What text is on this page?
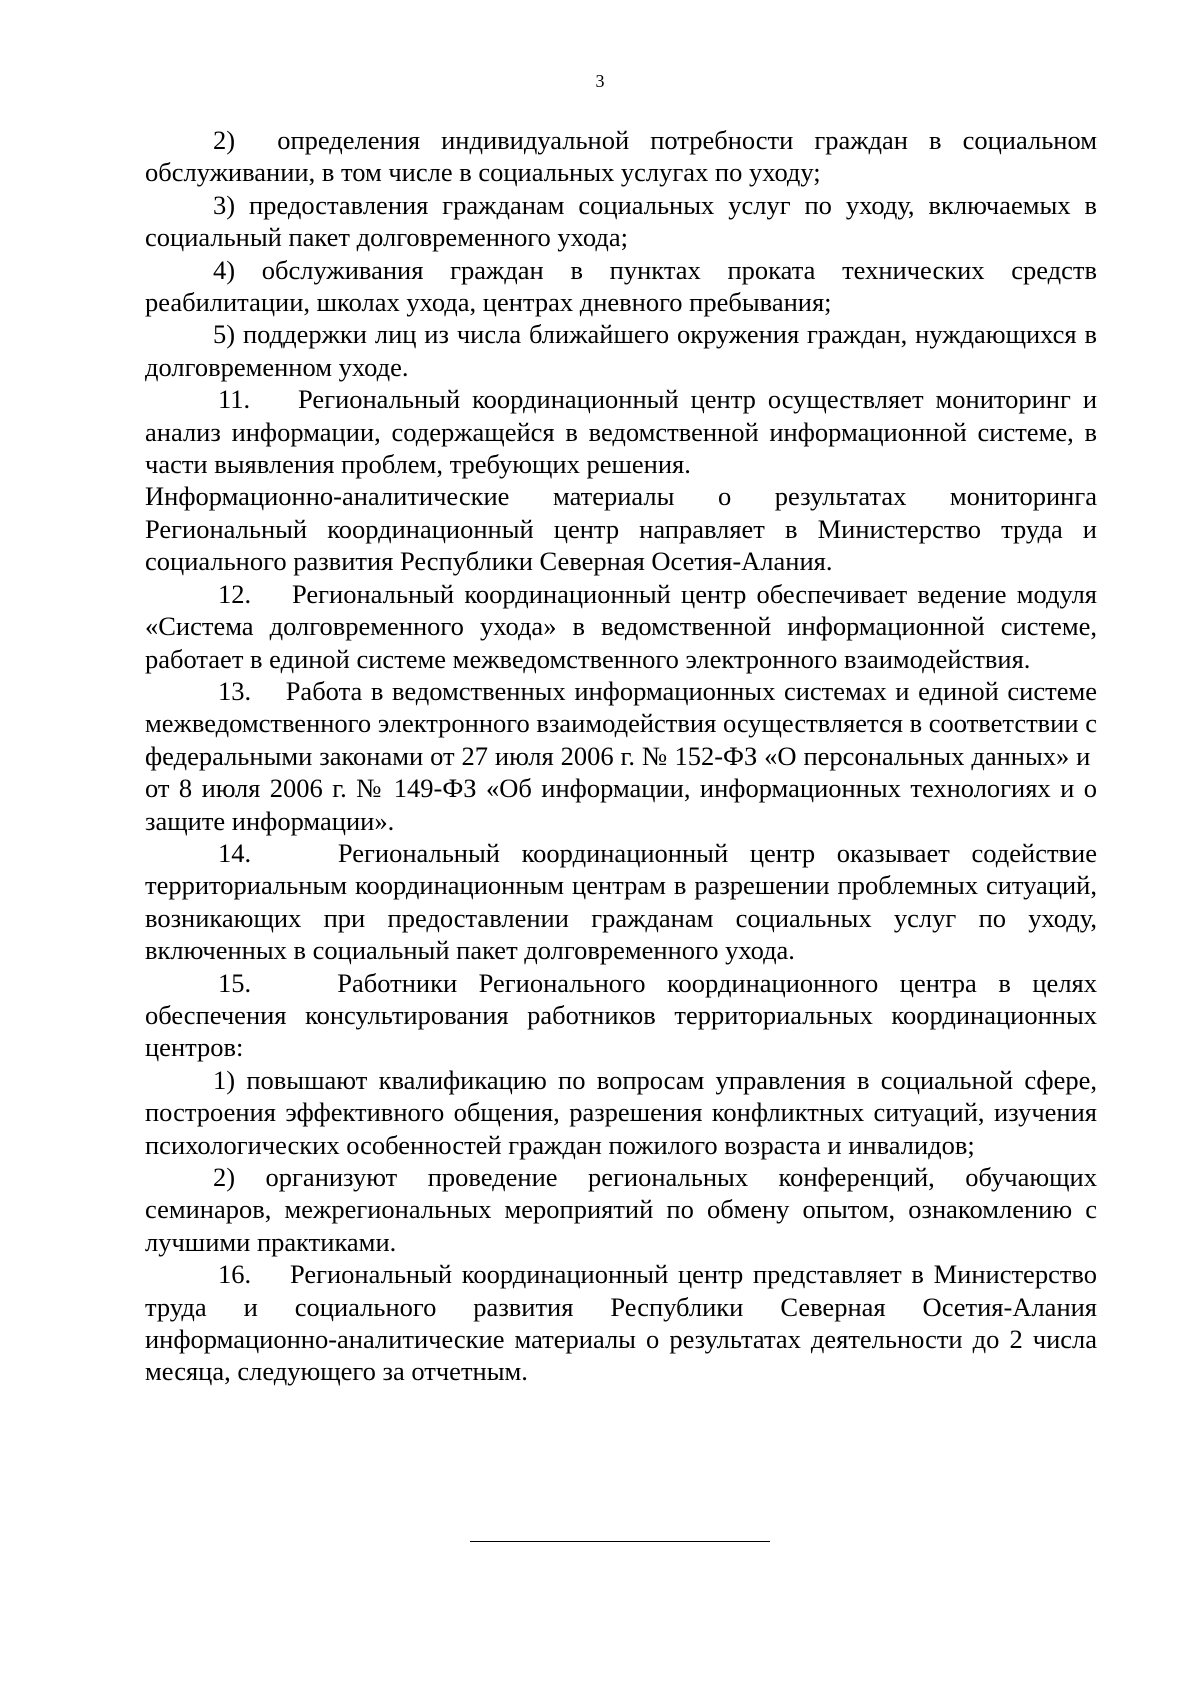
3

2)  определения индивидуальной потребности граждан в социальном обслуживании, в том числе в социальных услугах по уходу;

3) предоставления гражданам социальных услуг по уходу, включаемых в социальный пакет долговременного ухода;

4) обслуживания граждан в пунктах проката технических средств реабилитации, школах ухода, центрах дневного пребывания;

5) поддержки лиц из числа ближайшего окружения граждан, нуждающихся в долговременном уходе.

11.    Региональный координационный центр осуществляет мониторинг и анализ информации, содержащейся в ведомственной информационной системе, в части выявления проблем, требующих решения.

Информационно-аналитические материалы о результатах мониторинга Региональный координационный центр направляет в Министерство труда и социального развития Республики Северная Осетия-Алания.

12.    Региональный координационный центр обеспечивает ведение модуля «Система долговременного ухода» в ведомственной информационной системе, работает в единой системе межведомственного электронного взаимодействия.

13.    Работа в ведомственных информационных системах и единой системе межведомственного электронного взаимодействия осуществляется в соответствии с федеральными законами от 27 июля 2006 г. № 152-ФЗ «О персональных данных» и  от 8 июля 2006 г. № 149-ФЗ «Об информации, информационных технологиях и о защите информации».

14.    Региональный координационный центр оказывает содействие территориальным координационным центрам в разрешении проблемных ситуаций, возникающих при предоставлении гражданам социальных услуг по уходу, включенных в социальный пакет долговременного ухода.

15.    Работники Регионального координационного центра в целях обеспечения консультирования работников территориальных координационных центров:

1) повышают квалификацию по вопросам управления в социальной сфере, построения эффективного общения, разрешения конфликтных ситуаций, изучения психологических особенностей граждан пожилого возраста и инвалидов;

2) организуют проведение региональных конференций, обучающих семинаров, межрегиональных мероприятий по обмену опытом, ознакомлению с лучшими практиками.

16.    Региональный координационный центр представляет в Министерство труда и социального развития Республики Северная Осетия-Алания информационно-аналитические материалы о результатах деятельности до 2 числа месяца, следующего за отчетным.
